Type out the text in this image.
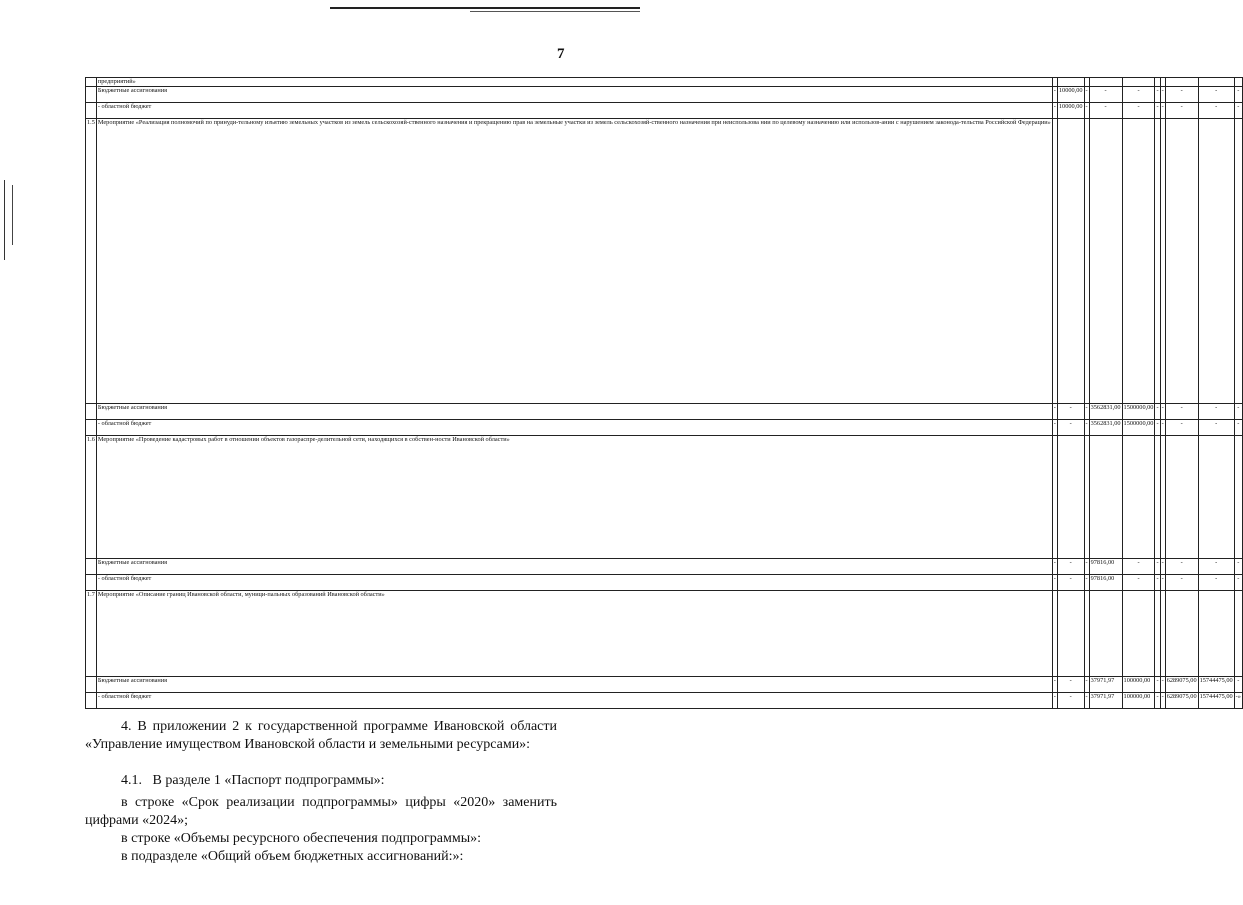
7
	предприятий»										
	Бюджетные ассигнования	-	10000,00	-	-	-	-	-	-	-	-
	- областной бюджет	-	10000,00	-	-	-	-	-	-	-	-
1.5	Мероприятие «Реализация полномочий по принуди-тельному изъятию земельных участков из земель сельскохозяй-ственного назначения и прекращению прав на земельные участки из земель сельскохозяй-ственного назначения при неиспользова нии по целевому назначению или использов-ании с нарушением законода-тельства Российской Федерации»										
	Бюджетные ассигнования	-	-	-	3562831,00	1500000,00	-	-	-	-	-
	- областной бюджет	-	-	-	3562831,00	1500000,00	-	-	-	-	-
1.6	Мероприятие «Проведение кадастровых работ в отношении объектов газораспре-делительной сети, находящихся в собствен-ности Ивановской области»										
	Бюджетные ассигнования	-	-	-	97816,00	-	-	-	-	-	-
	- областной бюджет	-	-	-	97816,00	-	-	-	-	-	-
1.7	Мероприятие «Описание границ Ивановской области, муници-пальных образований Ивановской области»										
	Бюджетные ассигнования	-	-	-	37971,97	100000,00	-	-	6289075,00	15744475,00	-
	- областной бюджет	-	-	-	37971,97	100000,00	-	-	6289075,00	15744475,00	-»

4. В приложении 2 к государственной программе Ивановской области «Управление имуществом Ивановской области и земельными ресурсами»:

4.1.   В разделе 1 «Паспорт подпрограммы»:

в строке «Срок реализации подпрограммы» цифры «2020» заменить

цифрами «2024»;

в строке «Объемы ресурсного обеспечения подпрограммы»:

в подразделе «Общий объем бюджетных ассигнований:»:
